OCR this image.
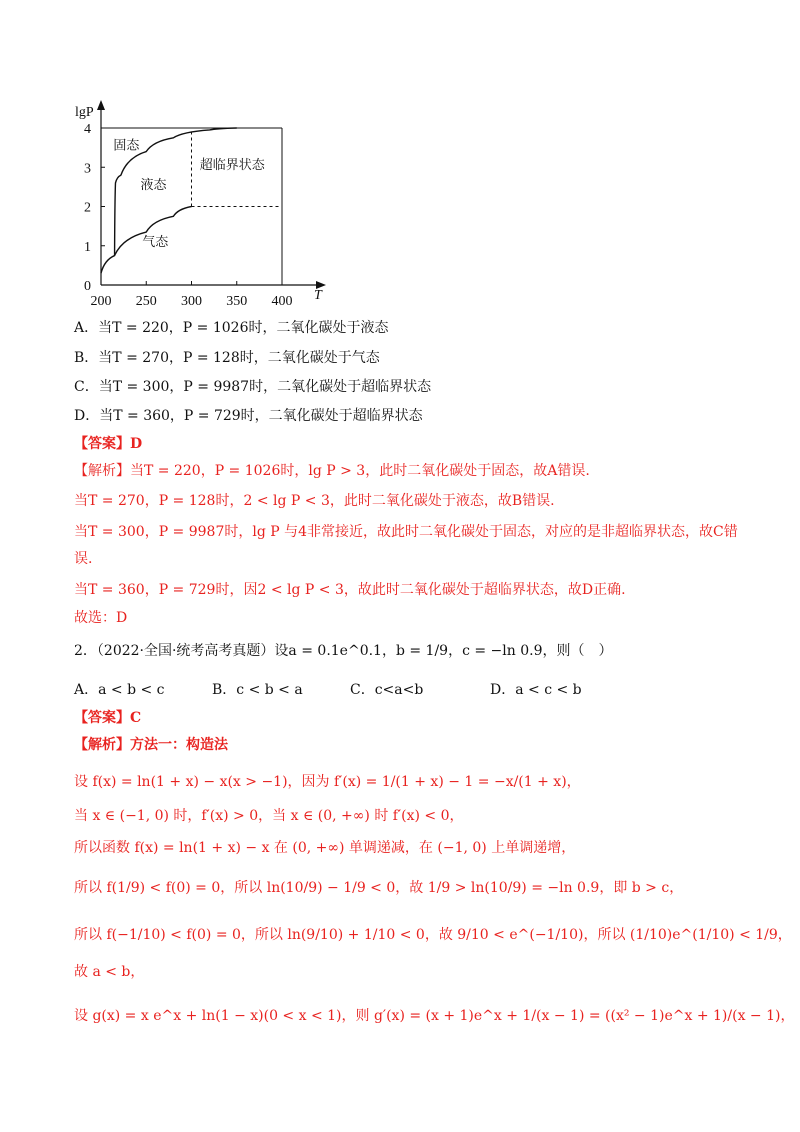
200 250 300 350 400
0
1
2
3
4
T
lgP
固态
液态
超临界状态
气态
A．当T = 220，P = 1026时，二氧化碳处于液态
B．当T = 270，P = 128时，二氧化碳处于气态
C．当T = 300，P = 9987时，二氧化碳处于超临界状态
D．当T = 360，P = 729时，二氧化碳处于超临界状态
【答案】D
【解析】当T = 220，P = 1026时，lg P > 3，此时二氧化碳处于固态，故A错误.
当T = 270，P = 128时，2 < lg P < 3，此时二氧化碳处于液态，故B错误.
当T = 300，P = 9987时，lg P 与4非常接近，故此时二氧化碳处于固态，对应的是非超临界状态，故C错
误.
当T = 360，P = 729时，因2 < lg P < 3，故此时二氧化碳处于超临界状态，故D正确.
故选：D
2．（2022·全国·统考高考真题）设a = 0.1e^0.1，b = 1/9，c = −ln 0.9，则（　）
A．a < b < c	B．c < b < a	C．c<a<b	D．a < c < b
【答案】C
【解析】方法一：构造法
设 f(x) = ln(1 + x) − x(x > −1)，因为 f′(x) = 1/(1 + x) − 1 = −x/(1 + x)，
当 x ∈ (−1, 0) 时，f′(x) > 0，当 x ∈ (0, +∞) 时 f′(x) < 0，
所以函数 f(x) = ln(1 + x) − x 在 (0, +∞) 单调递减，在 (−1, 0) 上单调递增，
所以 f(1/9) < f(0) = 0，所以 ln(10/9) − 1/9 < 0，故 1/9 > ln(10/9) = −ln 0.9，即 b > c，
所以 f(−1/10) < f(0) = 0，所以 ln(9/10) + 1/10 < 0，故 9/10 < e^(−1/10)，所以 (1/10)e^(1/10) < 1/9，
故 a < b，
设 g(x) = x e^x + ln(1 − x)(0 < x < 1)，则 g′(x) = (x + 1)e^x + 1/(x − 1) = ((x² − 1)e^x + 1)/(x − 1)，
